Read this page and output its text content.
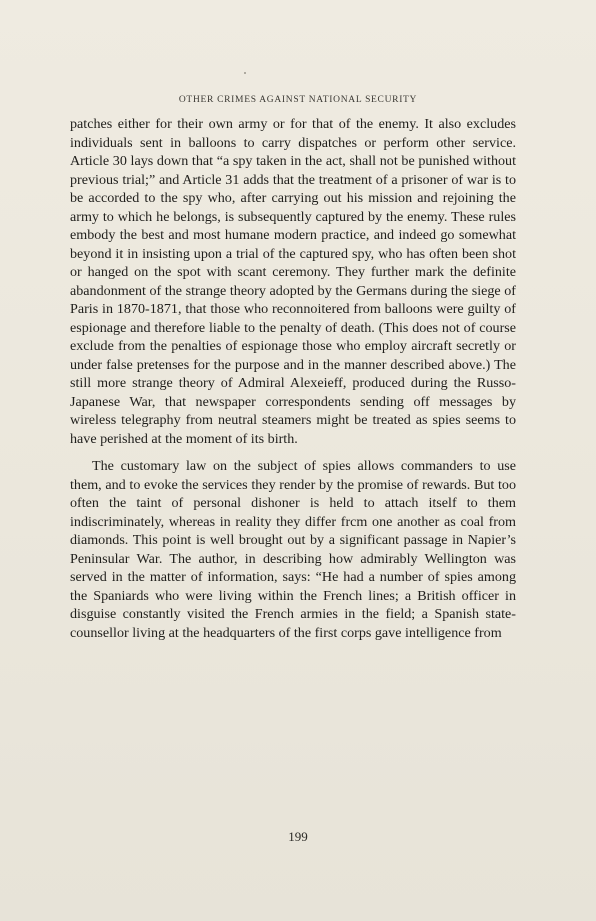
OTHER CRIMES AGAINST NATIONAL SECURITY

patches either for their own army or for that of the enemy. It also excludes individuals sent in balloons to carry dispatches or perform other service. Article 30 lays down that “a spy taken in the act, shall not be punished without previous trial;” and Article 31 adds that the treatment of a prisoner of war is to be accorded to the spy who, after carrying out his mission and rejoining the army to which he belongs, is subsequently captured by the enemy. These rules embody the best and most humane modern practice, and indeed go somewhat beyond it in insisting upon a trial of the captured spy, who has often been shot or hanged on the spot with scant ceremony. They further mark the definite abandonment of the strange theory adopted by the Germans during the siege of Paris in 1870-1871, that those who reconnoitered from balloons were guilty of espionage and therefore liable to the penalty of death. (This does not of course exclude from the penalties of espionage those who employ aircraft secretly or under false pretenses for the purpose and in the manner described above.) The still more strange theory of Admiral Alexeieff, produced during the Russo-Japanese War, that newspaper correspondents sending off messages by wireless telegraphy from neutral steamers might be treated as spies seems to have perished at the moment of its birth.

The customary law on the subject of spies allows commanders to use them, and to evoke the services they render by the promise of rewards. But too often the taint of personal dishoner is held to attach itself to them indiscriminately, whereas in reality they differ frcm one another as coal from diamonds. This point is well brought out by a significant passage in Napier’s Peninsular War. The author, in describing how admirably Wellington was served in the matter of information, says: “He had a number of spies among the Spaniards who were living within the French lines; a British officer in disguise constantly visited the French armies in the field; a Spanish state-counsellor living at the headquarters of the first corps gave intelligence from

199
